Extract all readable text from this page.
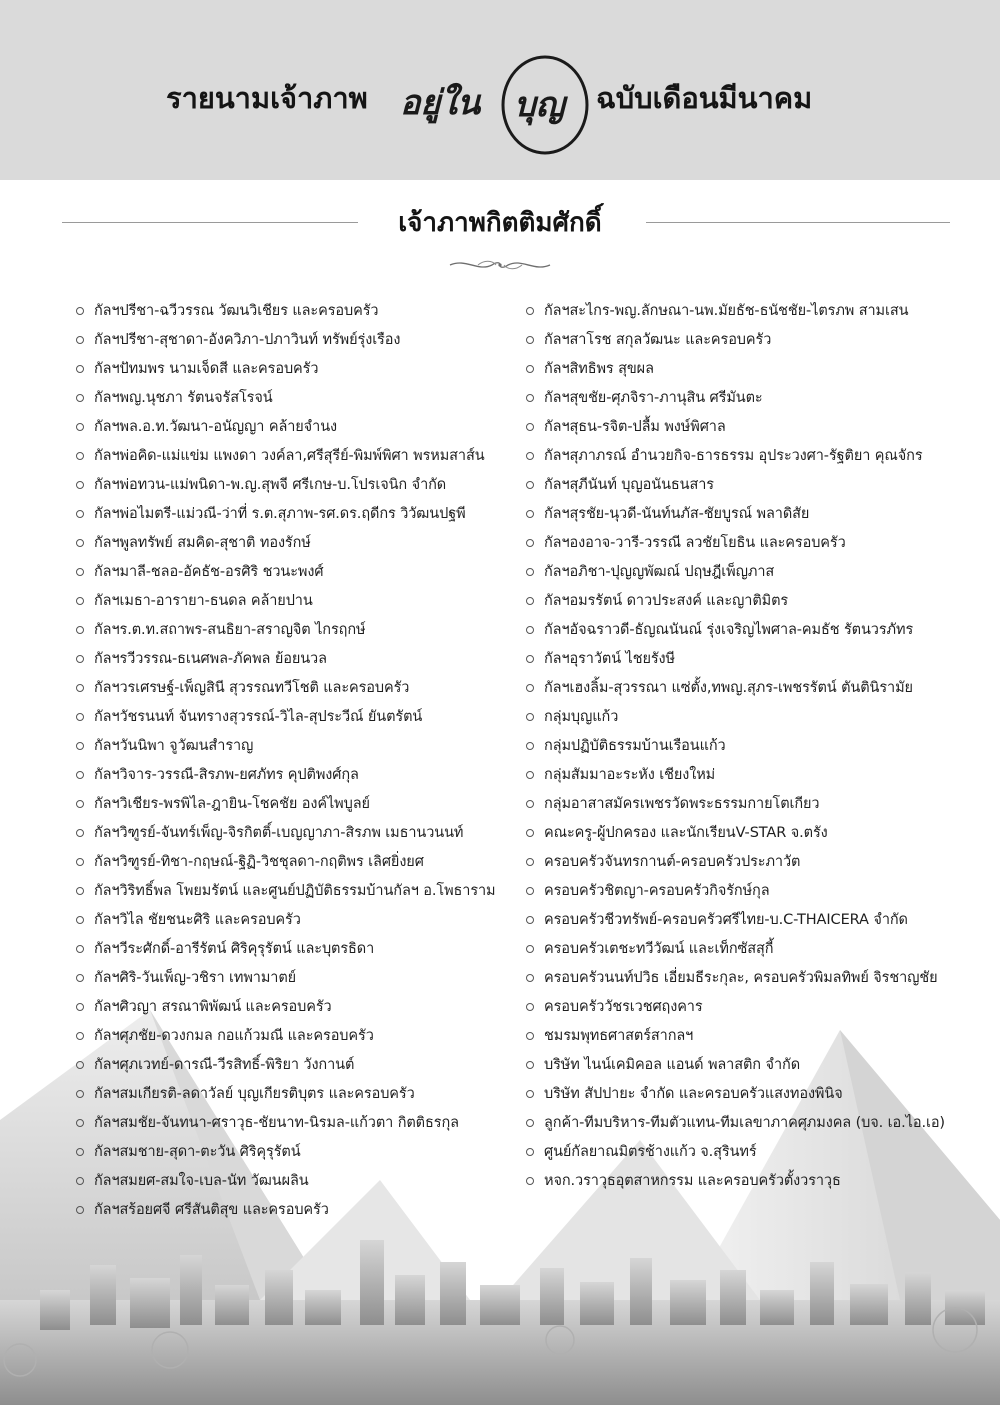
รายนามเจ้าภาพ อยู่ใน บุญ ฉบับเดือนมีนาคม
เจ้าภาพกิตติมศักดิ์
กัลฯปรีชา-ฉวีวรรณ วัฒนวิเชียร และครอบครัว
กัลฯปรีชา-สุชาดา-อังควิภา-ปภาวินท์ ทรัพย์รุ่งเรือง
กัลฯปัทมพร นามเจ็ดสี และครอบครัว
กัลฯพญ.นุชภา รัตนจรัสโรจน์
กัลฯพล.อ.ท.วัฒนา-อนัญญา คล้ายจำนง
กัลฯพ่อคิด-แม่แข่ม แพงดา วงค์ลา,ศรีสุรีย์-พิมพ์พิศา พรหมสาส์น
กัลฯพ่อทวน-แม่พนิดา-พ.ญ.สุพจี ศรีเกษ-บ.โปรเจนิก จำกัด
กัลฯพ่อไมตรี-แม่วณี-ว่าที่ ร.ต.สุภาพ-รศ.ดร.ฤดีกร วิวัฒนปฐพี
กัลฯพูลทรัพย์ สมคิด-สุชาติ ทองรักษ์
กัลฯมาลี-ชลอ-อัคธัช-อรศิริ ชวนะพงศ์
กัลฯเมธา-อารายา-ธนดล คล้ายปาน
กัลฯร.ต.ท.สถาพร-สนธิยา-สราญจิต ไกรฤกษ์
กัลฯรวีวรรณ-ธเนศพล-ภัคพล ย้อยนวล
กัลฯวรเศรษฐ์-เพ็ญสินี สุวรรณทวีโชติ และครอบครัว
กัลฯวัชรนนท์ จันทรางสุวรรณ์-วิไล-สุประวีณ์ ยันตรัตน์
กัลฯวันนิพา จูวัฒนสำราญ
กัลฯวิจาร-วรรณี-สิรภพ-ยศภัทร คุปติพงศ์กุล
กัลฯวิเชียร-พรพิไล-ฎายิน-โชคชัย องค์ไพบูลย์
กัลฯวิฑูรย์-จันทร์เพ็ญ-จิรกิตติ์-เบญญาภา-สิรภพ เมธานวนนท์
กัลฯวิฑูรย์-ทิชา-กฤษณ์-ฐิฏิ-วิชชุลดา-กฤติพร เลิศยิ่งยศ
กัลฯวิริทธิ์พล โพยมรัตน์ และศูนย์ปฏิบัติธรรมบ้านกัลฯ อ.โพธาราม
กัลฯวิไล ชัยชนะศิริ และครอบครัว
กัลฯวีระศักดิ์-อารีรัตน์ ศิริคุรุรัตน์ และบุตรธิดา
กัลฯศิริ-วันเพ็ญ-วชิรา เทพามาตย์
กัลฯศิวญา สรณาพิพัฒน์ และครอบครัว
กัลฯศุภชัย-ดวงกมล กอแก้วมณี และครอบครัว
กัลฯศุภเวทย์-ดารณี-วีรสิทธิ์-พิริยา วังกานต์
กัลฯสมเกียรติ-ลดาวัลย์ บุญเกียรติบุตร และครอบครัว
กัลฯสมชัย-จันทนา-ศราวุธ-ชัยนาท-นิรมล-แก้วตา กิตติธรกุล
กัลฯสมชาย-สุดา-ตะวัน ศิริคุรุรัตน์
กัลฯสมยศ-สมใจ-เบล-นัท วัฒนผลิน
กัลฯสร้อยศจี ศรีสันติสุข และครอบครัว
กัลฯสะไกร-พญ.ลักษณา-นพ.มัยธัช-ธนัชชัย-ไตรภพ สามเสน
กัลฯสาโรช สกุลวัฒนะ และครอบครัว
กัลฯสิทธิพร สุขผล
กัลฯสุขชัย-ศุภจิรา-ภานุสิน ศรีมันตะ
กัลฯสุธน-รจิต-ปลื้ม พงษ์พิศาล
กัลฯสุภาภรณ์ อำนวยกิจ-ธารธรรม อุประวงศา-รัฐติยา คุณจักร
กัลฯสุภีนันท์ บุญอนันธนสาร
กัลฯสุรชัย-นุวดี-นันท์นภัส-ชัยบูรณ์ พลาดิสัย
กัลฯองอาจ-วารี-วรรณี ลวชัยโยธิน และครอบครัว
กัลฯอภิชา-ปุญญพัฒณ์ ปฤษฎีเพ็ญภาส
กัลฯอมรรัตน์ ดาวประสงค์ และญาติมิตร
กัลฯอัจฉราวดี-ธัญณนันณ์ รุ่งเจริญไพศาล-คมธัช รัตนวรภัทร
กัลฯอุราวัตน์ ไชยรังษี
กัลฯเฮงลิ้ม-สุวรรณา แซ่ตั้ง,ทพญ.สุภร-เพชรรัตน์ ตันตินิรามัย
กลุ่มบุญแก้ว
กลุ่มปฏิบัติธรรมบ้านเรือนแก้ว
กลุ่มสัมมาอะระหัง เชียงใหม่
กลุ่มอาสาสมัครเพชรวัดพระธรรมกายโตเกียว
คณะครู-ผู้ปกครอง และนักเรียนV-STAR จ.ตรัง
ครอบครัวจันทรกานต์-ครอบครัวประภาวัต
ครอบครัวชิตญา-ครอบครัวกิจรักษ์กุล
ครอบครัวชีวทรัพย์-ครอบครัวศรีไทย-บ.C-THAICERA จำกัด
ครอบครัวเตชะทวีวัฒน์ และเท็กซัสสุกี้
ครอบครัวนนท์ปวิธ เอี่ยมธีระกุละ, ครอบครัวพิมลทิพย์ จิรชาญชัย
ครอบครัววัชรเวชศฤงคาร
ชมรมพุทธศาสตร์สากลฯ
บริษัท ไนน์เคมิคอล แอนด์ พลาสติก จำกัด
บริษัท สัปปายะ จำกัด และครอบครัวแสงทองพินิจ
ลูกค้า-ทีมบริหาร-ทีมตัวแทน-ทีมเลขาภาคศุภมงคล (บจ. เอ.ไอ.เอ)
ศูนย์กัลยาณมิตรช้างแก้ว จ.สุรินทร์
หจก.วราวุธอุตสาหกรรม และครอบครัวตั้งวราวุธ
